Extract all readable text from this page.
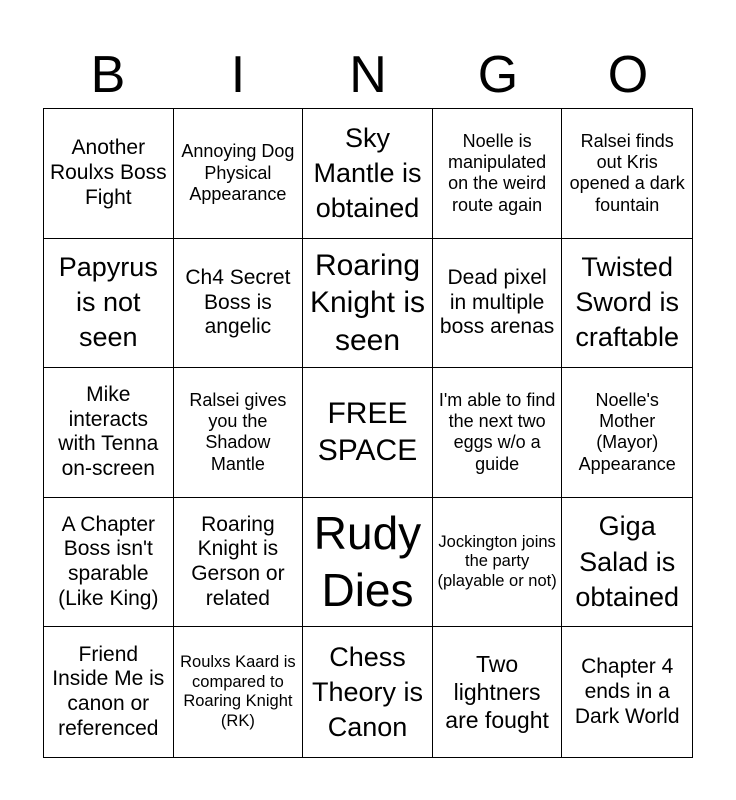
B	I	N	G	O
Another Roulxs Boss Fight
Annoying Dog Physical Appearance
Sky Mantle is obtained
Noelle is manipulated on the weird route again
Ralsei finds out Kris opened a dark fountain
Papyrus is not seen
Ch4 Secret Boss is angelic
Roaring Knight is seen
Dead pixel in multiple boss arenas
Twisted Sword is craftable
Mike interacts with Tenna on-screen
Ralsei gives you the Shadow Mantle
FREE SPACE
I'm able to find the next two eggs w/o a guide
Noelle's Mother (Mayor) Appearance
A Chapter Boss isn't sparable (Like King)
Roaring Knight is Gerson or related
Rudy Dies
Jockington joins the party (playable or not)
Giga Salad is obtained
Friend Inside Me is canon or referenced
Roulxs Kaard is compared to Roaring Knight (RK)
Chess Theory is Canon
Two lightners are fought
Chapter 4 ends in a Dark World
